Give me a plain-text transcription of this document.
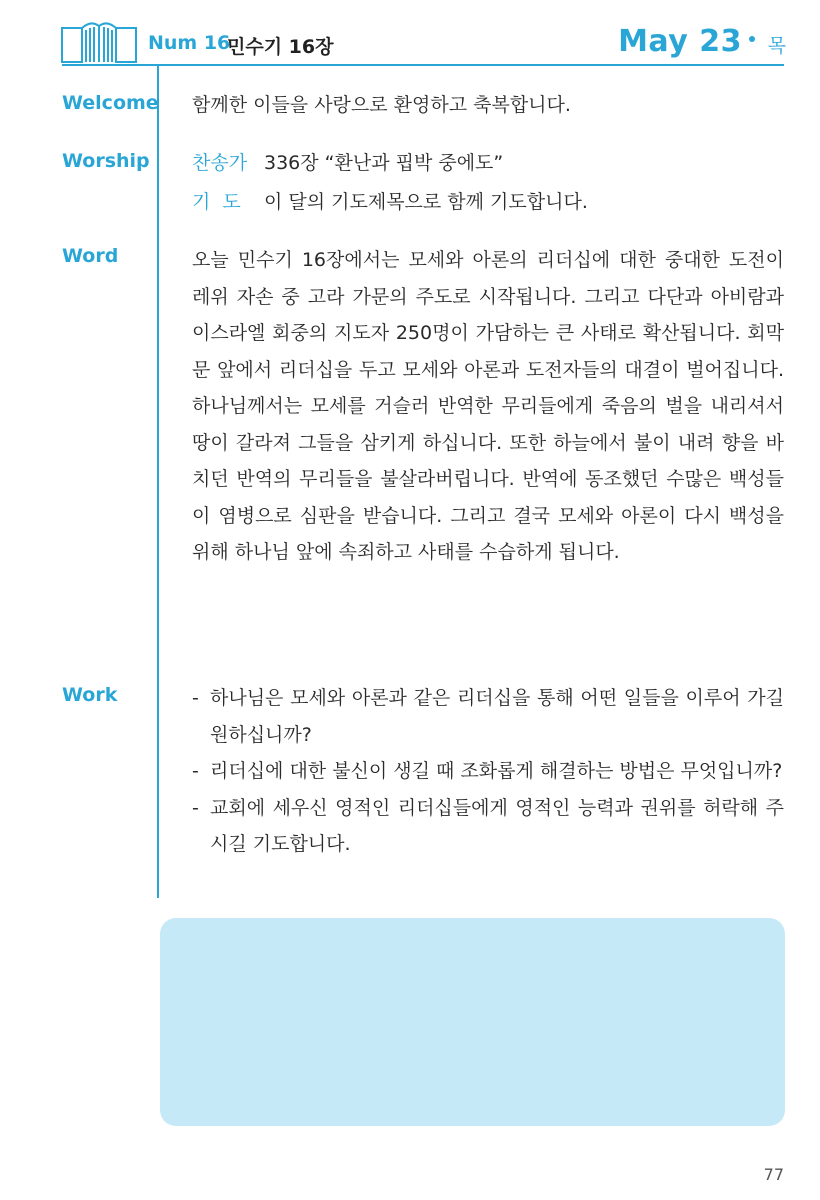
Num 16
민수기 16장	May 23 목
Welcome 함께한 이들을 사랑으로 환영하고 축복합니다.
Worship 찬송가 336장 “환난과 핍박 중에도”
기  도 이 달의 기도제목으로 함께 기도합니다.
Word	오늘 민수기 16장에서는 모세와 아론의 리더십에 대한 중대한 도전이 레위 자손 중 고라 가문의 주도로 시작됩니다. 그리고 다단과 아비람과 이스라엘 회중의 지도자 250명이 가담하는 큰 사태로 확산됩니다. 회막문 앞에서 리더십을 두고 모세와 아론과 도전자들의 대결이 벌어집니다. 하나님께서는 모세를 거슬러 반역한 무리들에게 죽음의 벌을 내리셔서 땅이 갈라져 그들을 삼키게 하십니다. 또한 하늘에서 불이 내려 향을 바치던 반역의 무리들을 불살라버립니다. 반역에 동조했던 수많은 백성들이 염병으로 심판을 받습니다. 그리고 결국 모세와 아론이 다시 백성을 위해 하나님 앞에 속죄하고 사태를 수습하게 됩니다.
Work	- 하나님은 모세와 아론과 같은 리더십을 통해 어떤 일들을 이루어 가길 원하십니까?
- 리더십에 대한 불신이 생길 때 조화롭게 해결하는 방법은 무엇입니까?
- 교회에 세우신 영적인 리더십들에게 영적인 능력과 권위를 허락해 주시길 기도합니다.
77
